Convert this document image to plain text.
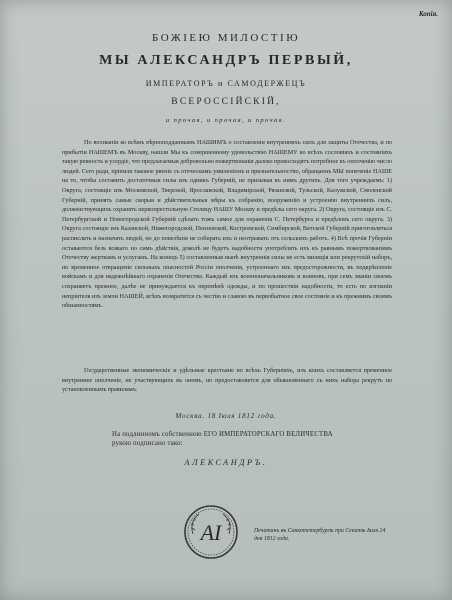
Копія.
БОЖІЕЮ МИЛОСТІЮ
МЫ АЛЕКСАНДРЪ ПЕРВЫЙ,
ИМПЕРАТОРЪ и САМОДЕРЖЕЦЪ
ВСЕРОССІЙСКІЙ,
и прочая, и прочая, и прочая.
По воззваніи ко всѣмъ вѣрноподданнымъ НАШИМЪ о составленіи внутреннихъ силъ для защиты Отечества, и по прибытіи НАШЕМЪ въ Москву, нашли Мы къ совершенному удовольствію НАШЕМУ во всѣхъ сословіяхъ и состояніяхъ такую ревность и усердіе, что предлагаемыя добровольно пожертвованія далеко превосходятъ потребное къ ополченію число людей. Сего ради, пріемля таковое рвеніе съ отеческимъ умиленіемъ и признательностію, обращаемъ МЫ попеченіе НАШЕ на то, чтобы составить достаточныя силы изъ одникъ Губерній, не призывая къ нимъ другихъ. Для того учреждаемъ: 1) Округа, состоящіе изъ Московской, Тверской, Ярославской, Владимірской, Рязанской, Тульской, Калужской, Смоленской Губерній, принять самые скорыя и дѣйствительныя мѣры къ собранію, вооруженію и устроенію внутреннихъ силъ, долженствующихъ охранять первопрестольную Столицу НАШУ Москву и предѣлы сего округа. 2) Округа, состоящіе изъ С. Петербургской и Новогородской Губерній сдѣлать тожъ самое для охраненія С. Петербурга и предѣловъ сего округа. 3) Округа состоящіе изъ Казанской, Нижегородской, Пензенской, Костромской, Симбирской, Вятской Губерній приготовляться распислять и назначать людей, но до повелѣнія не собирать ихъ и неотрывать отъ сельскихъ работъ. 4) Всѣ прочія Губерніи оставаются безъ всякаго по симъ дѣйствія, доколѣ не будетъ надобности употреблять ихъ къ равнымъ пожертвованіямъ Отечеству жертвамъ и услугамъ. На конецъ 5) составленныя нынѣ внутреннія силы не есть милиція или рекрутскій наборъ, но временное отвращеніе сильныхъ опасностей Россіи ополченія, устроеннаго изъ предосторожности, въ подкрѣпленіе войскамъ и для надежнѣйшаго охраненія Отечества. Каждый изъ военноначальниковъ и воиновъ, при семъ званіи своемъ сохраняетъ прежнее, далѣе не принуждается къ перемѣнѣ одежды, и по прошествіи надобности, то есть по изгнаніи непріятеля изъ земли НАШЕЙ, всѣхъ возвратится съ честію и славою въ первобытное свое состояніе и къ прежнимъ своимъ обязанностямъ.
Государственные экономическіе и удѣльные крестьяне во всѣхъ Губерніяхъ, изъ коихъ составляется временное внутреннее ополченіе, не участвующихъ въ ономъ, но предоставляется для обыкновеннаго съ нихъ набора рекрутъ по установленнымъ правиламъ.
Москва. 18 Іюля 1812 года.
На подлинномъ собственною ЕГО ИМПЕРАТОРСКАГО ВЕЛИЧЕСТВА рукою подписано тако:
АЛЕКСАНДРЪ.
АI	Печатанъ въ Санктпетербургѣ при Сенатѣ Іюля 24 дня 1812 года.
